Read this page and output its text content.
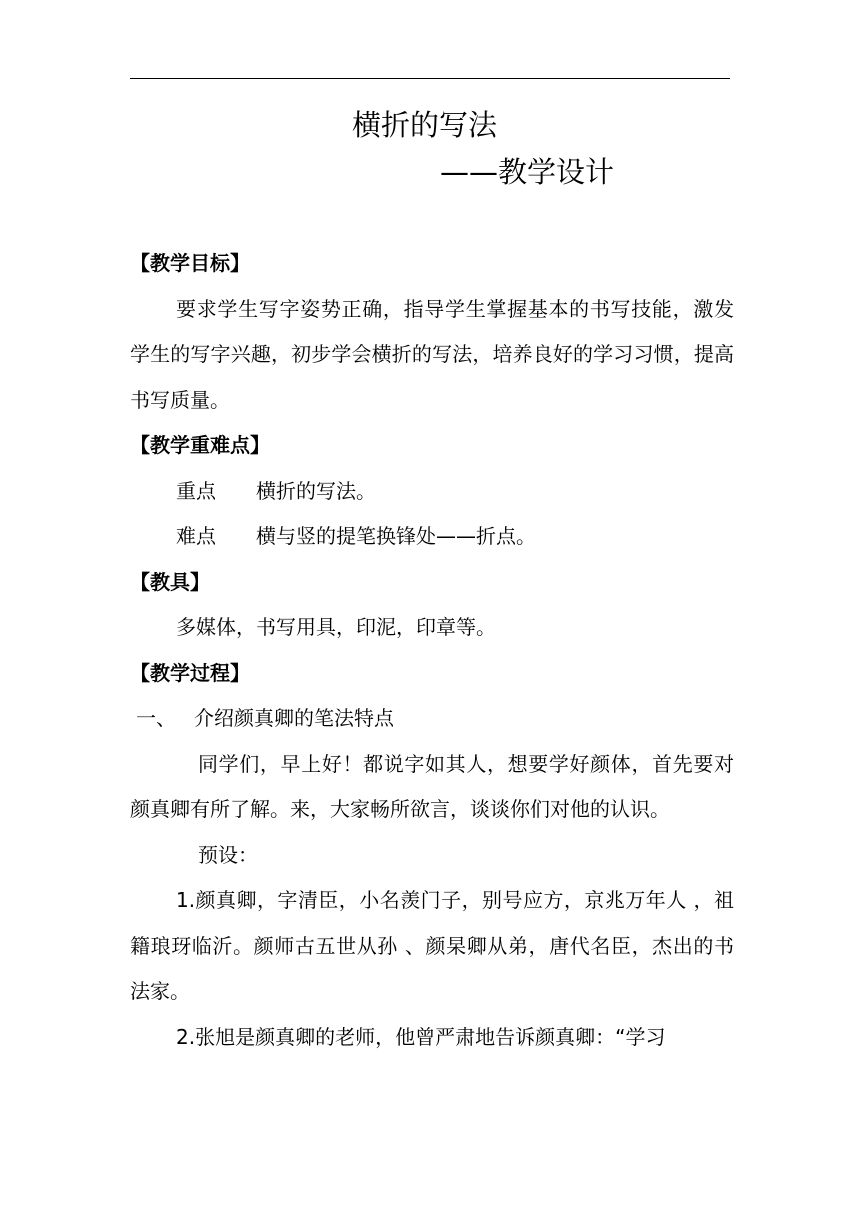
横折的写法
——教学设计

【教学目标】

要求学生写字姿势正确，指导学生掌握基本的书写技能，激发学生的写字兴趣，初步学会横折的写法，培养良好的学习习惯，提高书写质量。

【教学重难点】

重点 横折的写法。

难点 横与竖的提笔换锋处——折点。

【教具】

多媒体，书写用具，印泥，印章等。

【教学过程】

一、 介绍颜真卿的笔法特点

同学们，早上好！都说字如其人，想要学好颜体，首先要对颜真卿有所了解。来，大家畅所欲言，谈谈你们对他的认识。

预设：

1.颜真卿，字清臣，小名羡门子，别号应方，京兆万年人 ，祖籍琅玡临沂。颜师古五世从孙 、颜杲卿从弟，唐代名臣，杰出的书法家。

2.张旭是颜真卿的老师，他曾严肃地告诉颜真卿：“学习
